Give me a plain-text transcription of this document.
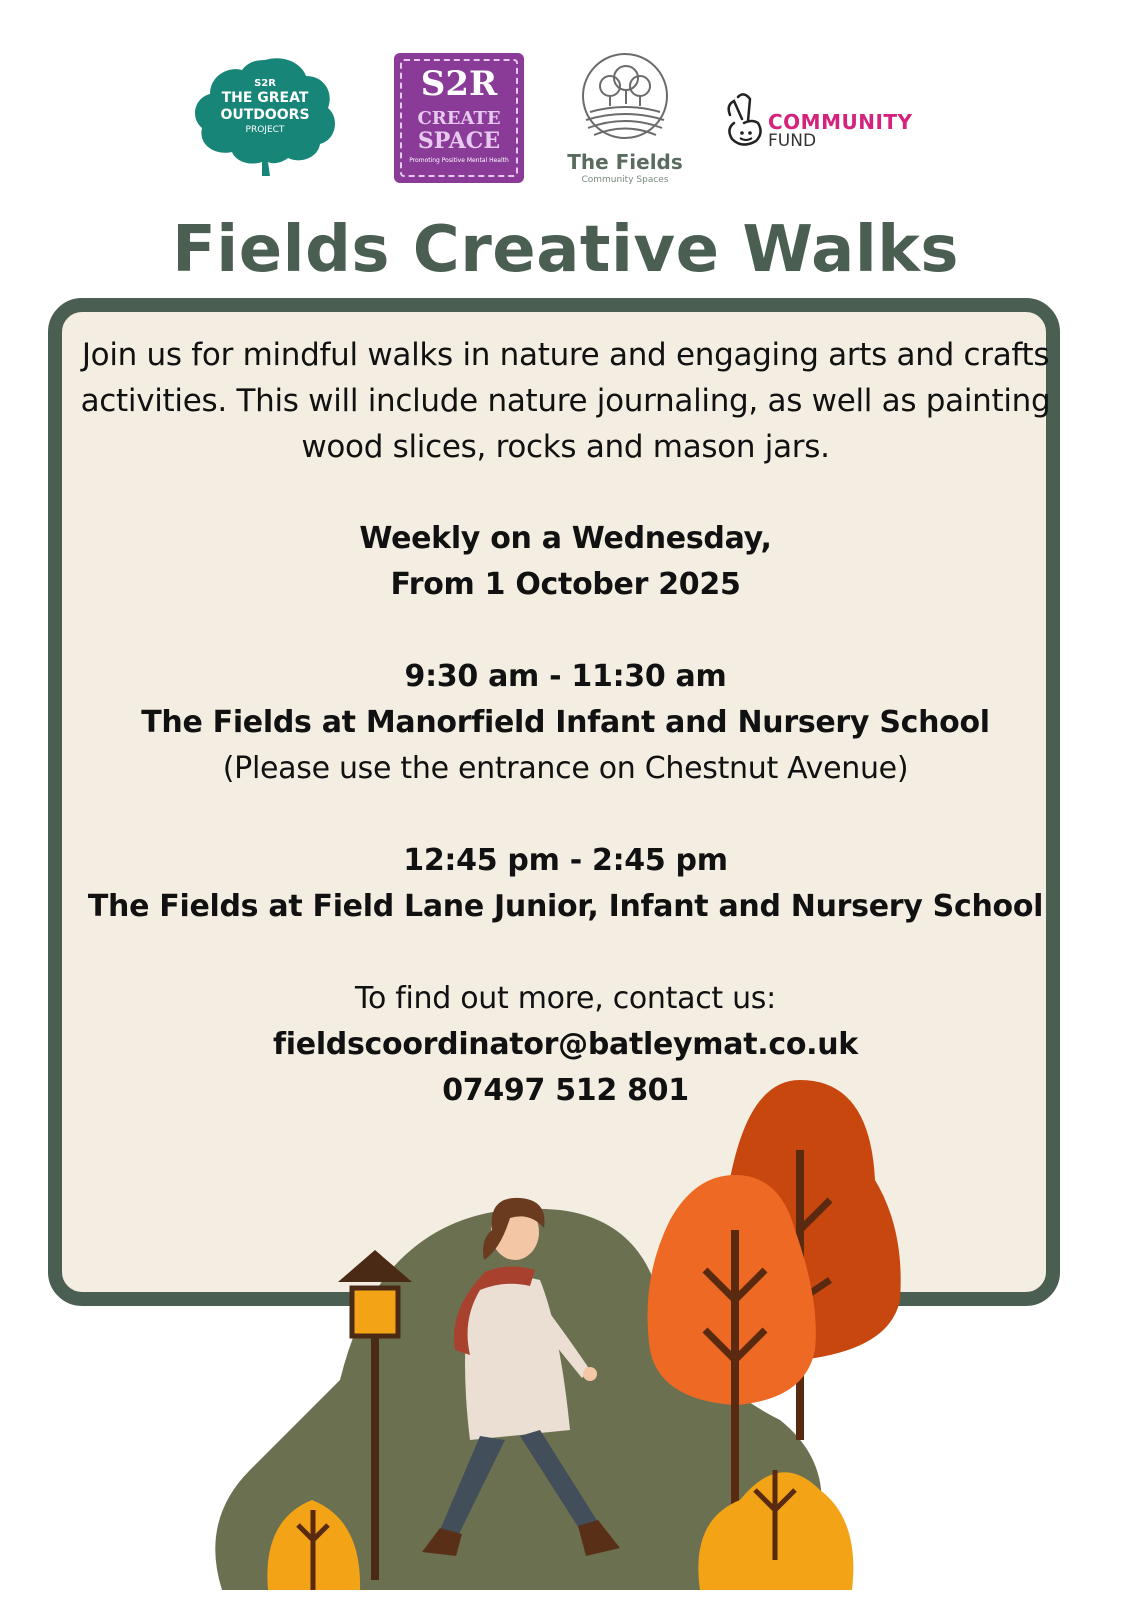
S2R
THE GREAT
OUTDOORS
PROJECT
S2R
CREATE
SPACE
Promoting Positive Mental Health	The Fields
Community Spaces
COMMUNITY
FUND
Fields Creative Walks

Join us for mindful walks in nature and engaging arts and crafts activities. This will include nature journaling, as well as painting wood slices, rocks and mason jars.

Weekly on a Wednesday,

From 1 October 2025

9:30 am - 11:30 am

The Fields at Manorfield Infant and Nursery School

(Please use the entrance on Chestnut Avenue)

12:45 pm - 2:45 pm

The Fields at Field Lane Junior, Infant and Nursery School

To find out more, contact us:

fieldscoordinator@batleymat.co.uk

07497 512 801
